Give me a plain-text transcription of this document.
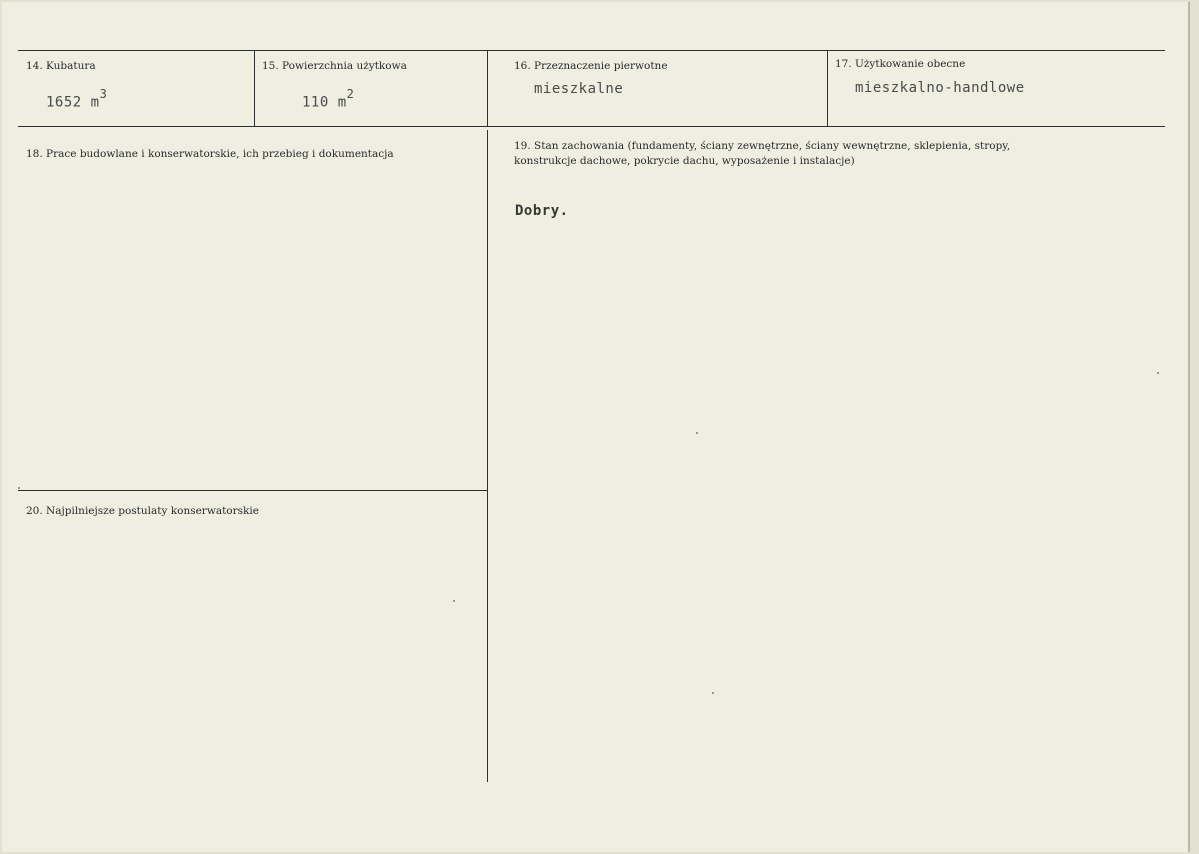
14. Kubatura
1652 $m^3$
15. Powierzchnia użytkowa
110 $m^2$
16. Przeznaczenie pierwotne
mieszkalne
17. Użytkowanie obecne
mieszkalno-handlowe
18. Prace budowlane i konserwatorskie, ich przebieg i dokumentacja
19. Stan zachowania (fundamenty, ściany zewnętrzne, ściany wewnętrzne, sklepienia, stropy, konstrukcje dachowe, pokrycie dachu, wyposażenie i instalacje)
Dobry.
20. Najpilniejsze postulaty konserwatorskie
